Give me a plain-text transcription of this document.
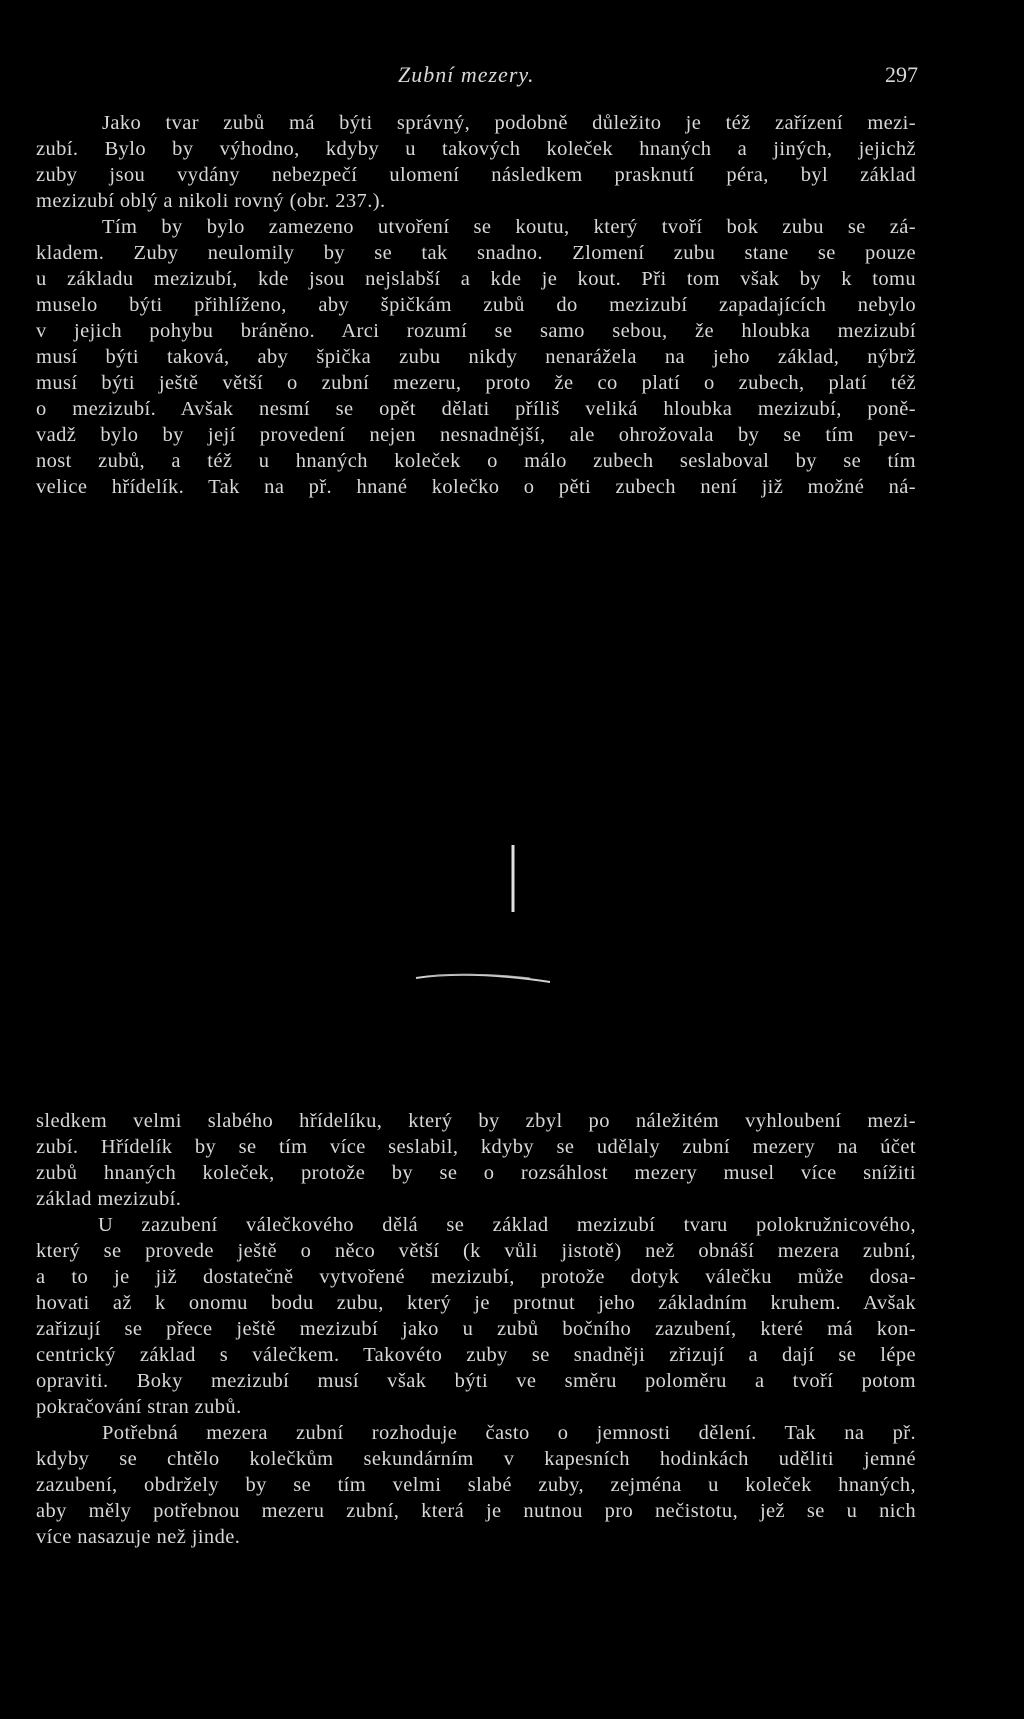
Zubní mezery.	297
Jako tvar zubů má býti správný, podobně důležito je též zařízení mezi-
zubí. Bylo by výhodno, kdyby u takových koleček hnaných a jiných, jejichž
zuby jsou vydány nebezpečí ulomení následkem prasknutí péra, byl základ
mezizubí oblý a nikoli rovný (obr. 237.).
Tím by bylo zamezeno utvoření se koutu, který tvoří bok zubu se zá-
kladem. Zuby neulomily by se tak snadno. Zlomení zubu stane se pouze
u základu mezizubí, kde jsou nejslabší a kde je kout. Při tom však by k tomu
muselo býti přihlíženo, aby špičkám zubů do mezizubí zapadajících nebylo
v jejich pohybu bráněno. Arci rozumí se samo sebou, že hloubka mezizubí
musí býti taková, aby špička zubu nikdy nenarážela na jeho základ, nýbrž
musí býti ještě větší o zubní mezeru, proto že co platí o zubech, platí též
o mezizubí. Avšak nesmí se opět dělati příliš veliká hloubka mezizubí, poně-
vadž bylo by její provedení nejen nesnadnější, ale ohrožovala by se tím pev-
nost zubů, a též u hnaných koleček o málo zubech seslaboval by se tím
velice hřídelík. Tak na př. hnané kolečko o pěti zubech není již možné ná-
sledkem velmi slabého hřídelíku, který by zbyl po náležitém vyhloubení mezi-
zubí. Hřídelík by se tím více seslabil, kdyby se udělaly zubní mezery na účet
zubů hnaných koleček, protože by se o rozsáhlost mezery musel více snížiti
základ mezizubí.
U zazubení válečkového dělá se základ mezizubí tvaru polokružnicového,
který se provede ještě o něco větší (k vůli jistotě) než obnáší mezera zubní,
a to je již dostatečně vytvořené mezizubí, protože dotyk válečku může dosa-
hovati až k onomu bodu zubu, který je protnut jeho základním kruhem. Avšak
zařizují se přece ještě mezizubí jako u zubů bočního zazubení, které má kon-
centrický základ s válečkem. Takovéto zuby se snadněji zřizují a dají se lépe
opraviti. Boky mezizubí musí však býti ve směru poloměru a tvoří potom
pokračování stran zubů.
Potřebná mezera zubní rozhoduje často o jemnosti dělení. Tak na př.
kdyby se chtělo kolečkům sekundárním v kapesních hodinkách uděliti jemné
zazubení, obdržely by se tím velmi slabé zuby, zejména u koleček hnaných,
aby měly potřebnou mezeru zubní, která je nutnou pro nečistotu, jež se u nich
více nasazuje než jinde.
